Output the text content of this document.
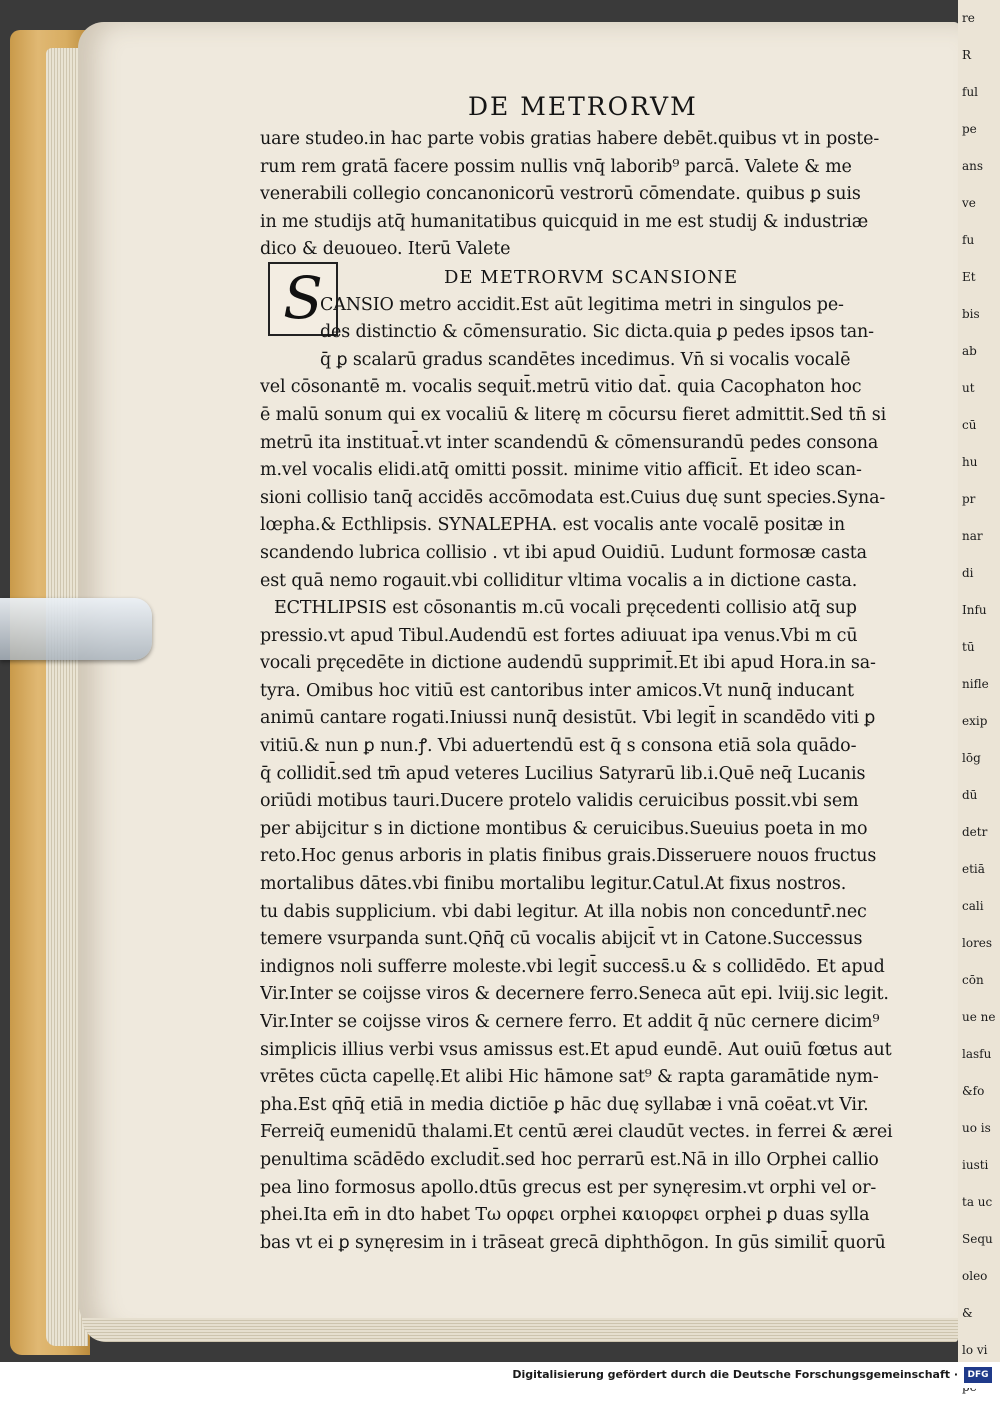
re
R
ful
pe
ans
ve
fu
Et
bis
ab
ut
cū
hu
pr
nar
di
Infu
tū
nifle
exip
lōg
dū
detr
etiā
cali
lores
cōn
ue ne
lasfu
&fo
uo is
iusti
ta uc
Sequ
oleo
&
lo vi
DE METRORVM
S
uare studeo.in hac parte vobis gratias habere debēt.quibus vt in poste-
rum rem gratā facere possim nullis vnq̄ laborib⁹ parcā. Valete & me
venerabili collegio concanonicorū vestrorū cōmendate. quibus ꝑ suis
in me studijs atq̄ humanitatibus quicquid in me est studij & industriæ
dico & deuoueo. Iterū Valete
DE METRORVM SCANSIONE
CANSIO metro accidit.Est aūt legitima metri in singulos pe-
des distinctio & cōmensuratio. Sic dicta.quia ꝑ pedes ipsos tan-
q̄ ꝑ scalarū gradus scandētes incedimus. Vn̄ si vocalis vocalē
vel cōsonantē m. vocalis sequit̄.metrū vitio dat̄. quia Cacophaton hoc
ē malū sonum qui ex vocaliū & literę m cōcursu fieret admittit.Sed tn̄ si
metrū ita instituat̄.vt inter scandendū & cōmensurandū pedes consona
m.vel vocalis elidi.atq̄ omitti possit. minime vitio afficit̄. Et ideo scan-
sioni collisio tanq̄ accidēs accōmodata est.Cuius duę sunt species.Syna-
lœpha.& Ecthlipsis. SYNALEPHA. est vocalis ante vocalē positæ in
scandendo lubrica collisio . vt ibi apud Ouidiū. Ludunt formosæ casta
est quā nemo rogauit.vbi colliditur vltima vocalis a in dictione casta.
ECTHLIPSIS est cōsonantis m.cū vocali pręcedenti collisio atq̄ sup
pressio.vt apud Tibul.Audendū est fortes adiuuat ipa venus.Vbi m cū
vocali pręcedēte in dictione audendū supprimit̄.Et ibi apud Hora.in sa-
tyra. Omibus hoc vitiū est cantoribus inter amicos.Vt nunq̄ inducant
animū cantare rogati.Iniussi nunq̄ desistūt. Vbi legit̄ in scandēdo viti ꝑ
vitiū.& nun ꝑ nun.ꝭ. Vbi aduertendū est q̄ s consona etiā sola quādo-
q̄ collidit̄.sed tm̄ apud veteres Lucilius Satyrarū lib.i.Quē neq̄ Lucanis
oriūdi motibus tauri.Ducere protelo validis ceruicibus possit.vbi sem
per abijcitur s in dictione montibus & ceruicibus.Sueuius poeta in mo
reto.Hoc genus arboris in platis finibus grais.Disseruere nouos fructus
mortalibus dātes.vbi finibu mortalibu legitur.Catul.At fixus nostros.
tu dabis supplicium. vbi dabi legitur. At illa nobis non conceduntr̄.nec
temere vsurpanda sunt.Qn̄q̄ cū vocalis abijcit̄ vt in Catone.Successus
indignos noli sufferre moleste.vbi legit̄ success̄.u & s collidēdo. Et apud
Vir.Inter se coijsse viros & decernere ferro.Seneca aūt epi. lviij.sic legit.
Vir.Inter se coijsse viros & cernere ferro. Et addit q̄ nūc cernere dicim⁹
simplicis illius verbi vsus amissus est.Et apud eundē. Aut ouiū fœtus aut
vrētes cūcta capellę.Et alibi Hic hāmone sat⁹ & rapta garamātide nym-
pha.Est qn̄q̄ etiā in media dictiōe ꝑ hāc duę syllabæ i vnā coēat.vt Vir.
Ferreiq̄ eumenidū thalami.Et centū ærei claudūt vectes. in ferrei & ærei
penultima scādēdo excludit̄.sed hoc perrarū est.Nā in illo Orphei callio
pea lino formosus apollo.dtūs grecus est per synęresim.vt orphi vel or-
phei.Ita em̄ in dto habet Τω ορφει orphei καιορφει orphei ꝑ duas sylla
bas vt ei ꝑ synęresim in i trāseat grecā diphthōgon. In gūs similit̄ quorū
Digitalisierung gefördert durch die Deutsche Forschungsgemeinschaft · DFG
